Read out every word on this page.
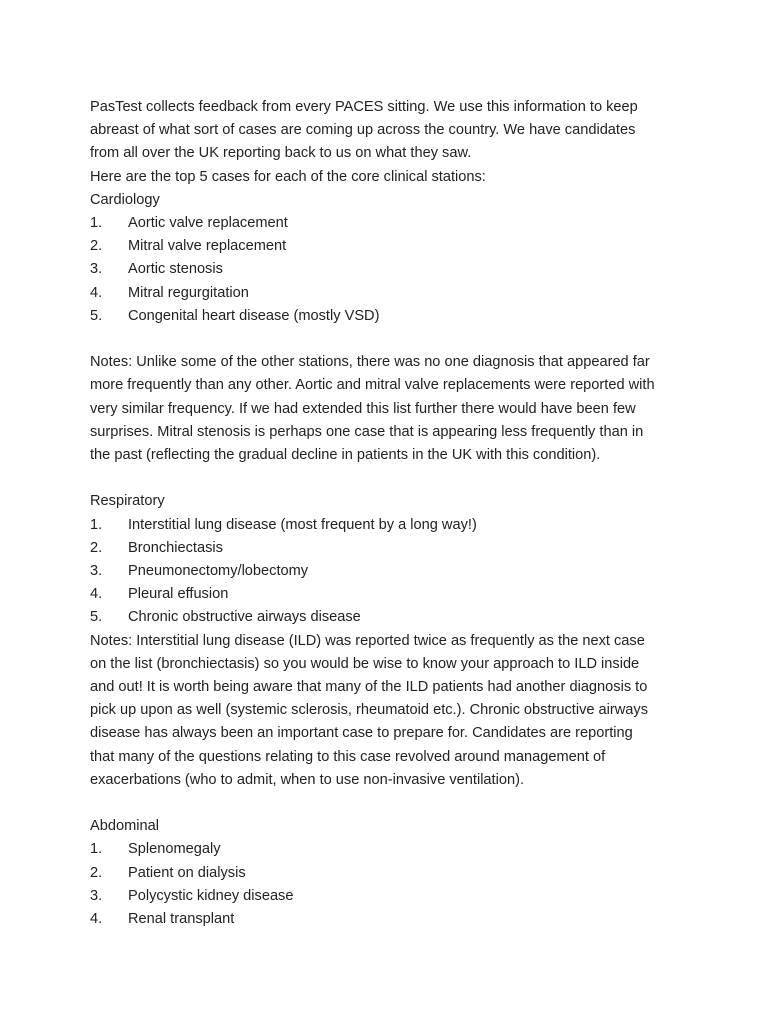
PasTest collects feedback from every PACES sitting. We use this information to keep
abreast of what sort of cases are coming up across the country. We have candidates
from all over the UK reporting back to us on what they saw.
Here are the top 5 cases for each of the core clinical stations:
Cardiology
1.	Aortic valve replacement
2.	Mitral valve replacement
3.	Aortic stenosis
4.	Mitral regurgitation
5.	Congenital heart disease (mostly VSD)
Notes: Unlike some of the other stations, there was no one diagnosis that appeared far
more frequently than any other. Aortic and mitral valve replacements were reported with
very similar frequency. If we had extended this list further there would have been few
surprises. Mitral stenosis is perhaps one case that is appearing less frequently than in
the past (reflecting the gradual decline in patients in the UK with this condition).
Respiratory
1.	Interstitial lung disease (most frequent by a long way!)
2.	Bronchiectasis
3.	Pneumonectomy/lobectomy
4.	Pleural effusion
5.	Chronic obstructive airways disease
Notes: Interstitial lung disease (ILD) was reported twice as frequently as the next case
on the list (bronchiectasis) so you would be wise to know your approach to ILD inside
and out! It is worth being aware that many of the ILD patients had another diagnosis to
pick up upon as well (systemic sclerosis, rheumatoid etc.). Chronic obstructive airways
disease has always been an important case to prepare for. Candidates are reporting
that many of the questions relating to this case revolved around management of
exacerbations (who to admit, when to use non-invasive ventilation).
Abdominal
1.	Splenomegaly
2.	Patient on dialysis
3.	Polycystic kidney disease
4.	Renal transplant
